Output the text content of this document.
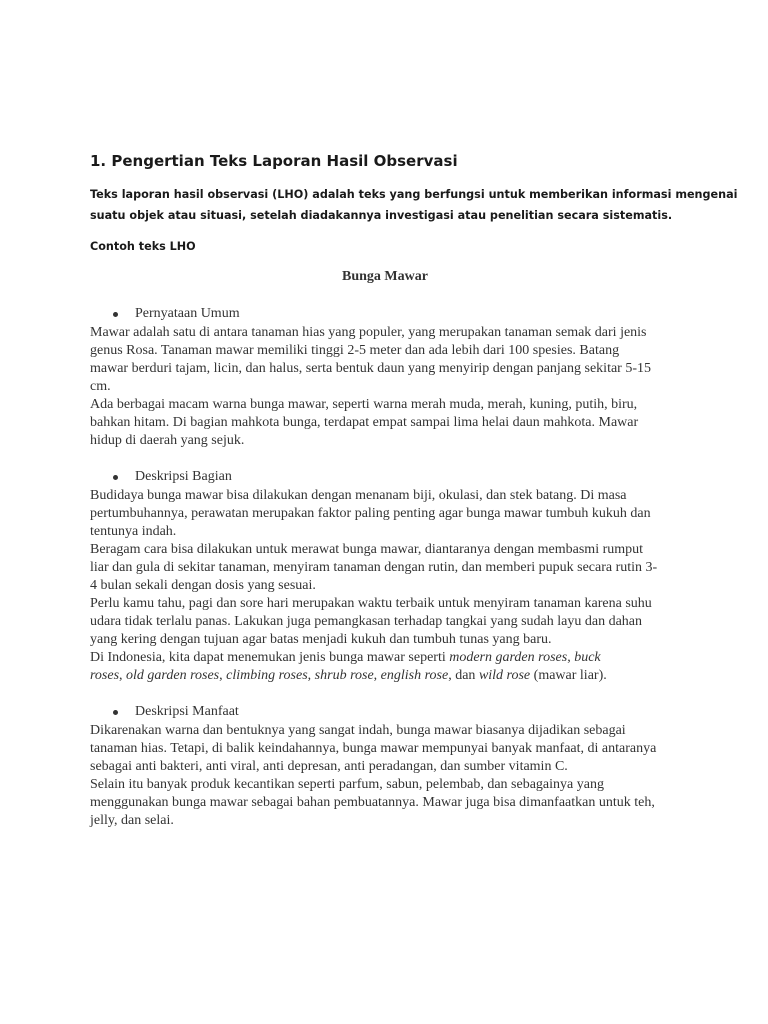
1. Pengertian Teks Laporan Hasil Observasi

Teks laporan hasil observasi (LHO) adalah teks yang berfungsi untuk memberikan informasi mengenai
suatu objek atau situasi, setelah diadakannya investigasi atau penelitian secara sistematis.

Contoh teks LHO

Bunga Mawar
Pernyataan Umum

Mawar adalah satu di antara tanaman hias yang populer, yang merupakan tanaman semak dari jenis
genus Rosa. Tanaman mawar memiliki tinggi 2-5 meter dan ada lebih dari 100 spesies. Batang
mawar berduri tajam, licin, dan halus, serta bentuk daun yang menyirip dengan panjang sekitar 5-15
cm.

Ada berbagai macam warna bunga mawar, seperti warna merah muda, merah, kuning, putih, biru,
bahkan hitam. Di bagian mahkota bunga, terdapat empat sampai lima helai daun mahkota. Mawar
hidup di daerah yang sejuk.

Deskripsi Bagian

Budidaya bunga mawar bisa dilakukan dengan menanam biji, okulasi, dan stek batang. Di masa
pertumbuhannya, perawatan merupakan faktor paling penting agar bunga mawar tumbuh kukuh dan
tentunya indah.

Beragam cara bisa dilakukan untuk merawat bunga mawar, diantaranya dengan membasmi rumput
liar dan gula di sekitar tanaman, menyiram tanaman dengan rutin, dan memberi pupuk secara rutin 3-
4 bulan sekali dengan dosis yang sesuai.

Perlu kamu tahu, pagi dan sore hari merupakan waktu terbaik untuk menyiram tanaman karena suhu
udara tidak terlalu panas. Lakukan juga pemangkasan terhadap tangkai yang sudah layu dan dahan
yang kering dengan tujuan agar batas menjadi kukuh dan tumbuh tunas yang baru.

Di Indonesia, kita dapat menemukan jenis bunga mawar seperti modern garden roses, buck
roses, old garden roses, climbing roses, shrub rose, english rose, dan wild rose (mawar liar).

Deskripsi Manfaat

Dikarenakan warna dan bentuknya yang sangat indah, bunga mawar biasanya dijadikan sebagai
tanaman hias. Tetapi, di balik keindahannya, bunga mawar mempunyai banyak manfaat, di antaranya
sebagai anti bakteri, anti viral, anti depresan, anti peradangan, dan sumber vitamin C.

Selain itu banyak produk kecantikan seperti parfum, sabun, pelembab, dan sebagainya yang
menggunakan bunga mawar sebagai bahan pembuatannya. Mawar juga bisa dimanfaatkan untuk teh,
jelly, dan selai.
